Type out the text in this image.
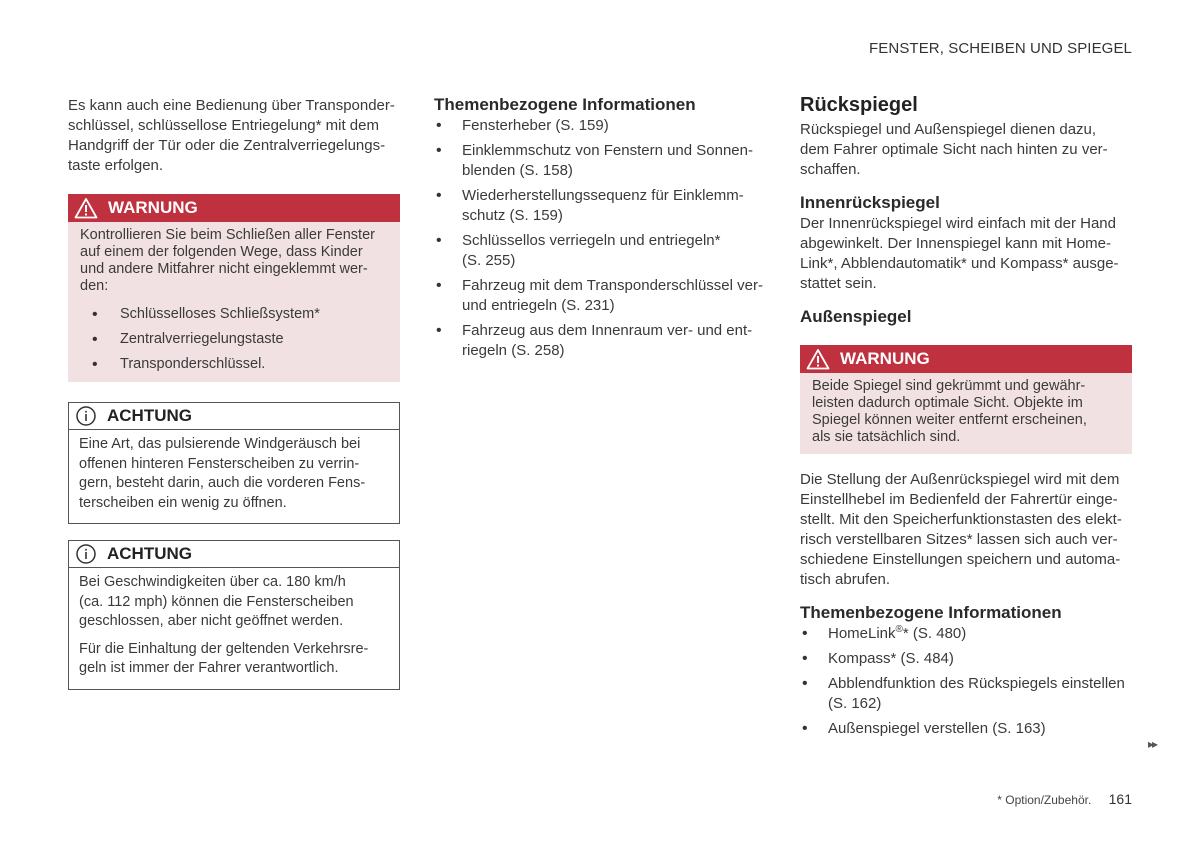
FENSTER, SCHEIBEN UND SPIEGEL

Es kann auch eine Bedienung über Transponder-
schlüssel, schlüssellose Entriegelung* mit dem
Handgriff der Tür oder die Zentralverriegelungs-
taste erfolgen.

WARNUNG

Kontrollieren Sie beim Schließen aller Fenster
auf einem der folgenden Wege, dass Kinder
und andere Mitfahrer nicht eingeklemmt wer-
den:

• Schlüsselloses Schließsystem*
• Zentralverriegelungstaste
• Transponderschlüssel.
ACHTUNG

Eine Art, das pulsierende Windgeräusch bei
offenen hinteren Fensterscheiben zu verrin-
gern, besteht darin, auch die vorderen Fens-
terscheiben ein wenig zu öffnen.

ACHTUNG

Bei Geschwindigkeiten über ca. 180 km/h
(ca. 112 mph) können die Fensterscheiben
geschlossen, aber nicht geöffnet werden.

Für die Einhaltung der geltenden Verkehrsre-
geln ist immer der Fahrer verantwortlich.

Themenbezogene Informationen
• Fensterheber (S. 159)
• Einklemmschutz von Fenstern und Sonnen-
blenden (S. 158)
• Wiederherstellungssequenz für Einklemm-
schutz (S. 159)
• Schlüssellos verriegeln und entriegeln*
(S. 255)
• Fahrzeug mit dem Transponderschlüssel ver-
und entriegeln (S. 231)
• Fahrzeug aus dem Innenraum ver- und ent-
riegeln (S. 258)
Rückspiegel

Rückspiegel und Außenspiegel dienen dazu,
dem Fahrer optimale Sicht nach hinten zu ver-
schaffen.

Innenrückspiegel

Der Innenrückspiegel wird einfach mit der Hand
abgewinkelt. Der Innenspiegel kann mit Home-
Link*, Abblendautomatik* und Kompass* ausge-
stattet sein.

Außenspiegel
WARNUNG

Beide Spiegel sind gekrümmt und gewähr-
leisten dadurch optimale Sicht. Objekte im
Spiegel können weiter entfernt erscheinen,
als sie tatsächlich sind.

Die Stellung der Außenrückspiegel wird mit dem
Einstellhebel im Bedienfeld der Fahrertür einge-
stellt. Mit den Speicherfunktionstasten des elekt-
risch verstellbaren Sitzes* lassen sich auch ver-
schiedene Einstellungen speichern und automa-
tisch abrufen.

Themenbezogene Informationen
• HomeLink®* (S. 480)
• Kompass* (S. 484)
• Abblendfunktion des Rückspiegels einstellen
(S. 162)
• Außenspiegel verstellen (S. 163)
▸▸
* Option/Zubehör. 161
